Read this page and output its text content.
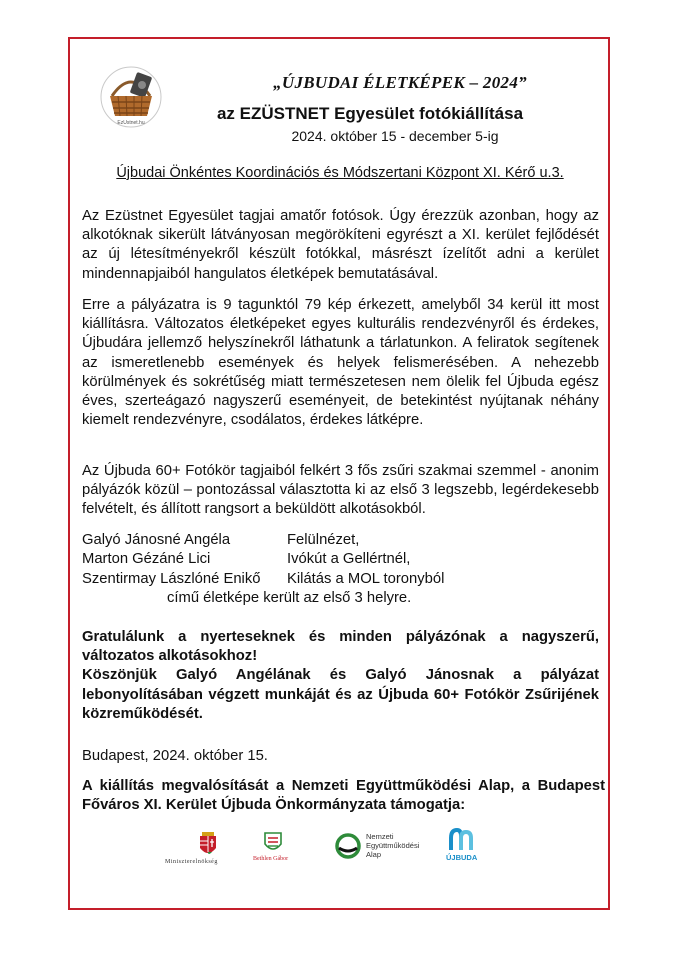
EzUstnet.hu
„ÚJBUDAI ÉLETKÉPEK – 2024”
az EZÜSTNET Egyesület fotókiállítása
2024. október 15 - december 5-ig
Újbudai Önkéntes Koordinációs és Módszertani Központ XI. Kérő u.3.

Az Ezüstnet Egyesület tagjai amatőr fotósok. Úgy érezzük azonban, hogy az alkotóknak sikerült látványosan megörökíteni egyrészt a XI. kerület fejlődését az új létesítményekről készült fotókkal, másrészt ízelítőt adni a kerület mindennapjaiból hangulatos életképek bemutatásával.

Erre a pályázatra is 9 tagunktól 79 kép érkezett, amelyből 34 kerül itt most kiállításra. Változatos életképeket egyes kulturális rendezvényről és érdekes, Újbudára jellemző helyszínekről láthatunk a tárlatunkon. A feliratok segítenek az ismeretlenebb események és helyek felismerésében. A nehezebb körülmények és sokrétűség miatt természetesen nem ölelik fel Újbuda egész éves, szerteágazó nagyszerű eseményeit, de betekintést nyújtanak néhány kiemelt rendezvényre, csodálatos, érdekes látképre.

Az Újbuda 60+ Fotókör tagjaiból felkért 3 fős zsűri szakmai szemmel - anonim pályázók közül – pontozással választotta ki az első 3 legszebb, legérdekesebb felvételt, és állított rangsort a beküldött alkotásokból.

Galyó Jánosné Angéla	Felülnézet,
Marton Gézáné Lici	Ivókút a Gellértnél,
Szentirmay Lászlóné Enikő	Kilátás a MOL toronyból
című életképe került az első 3 helyre.

Gratulálunk a nyerteseknek és minden pályázónak a nagyszerű, változatos alkotásokhoz!
Köszönjük Galyó Angélának és Galyó Jánosnak a pályázat lebonyolításában végzett munkáját és az Újbuda 60+ Fotókör Zsűrijének közreműködését.

Budapest, 2024. október 15.

A kiállítás megvalósítását a Nemzeti Együttműködési Alap, a Budapest Főváros XI. Kerület Újbuda Önkormányzata támogatja:

Miniszterelnökség	Bethlen Gábor
Nemzeti
Együttműködési
Alap	ÚJBUDA
